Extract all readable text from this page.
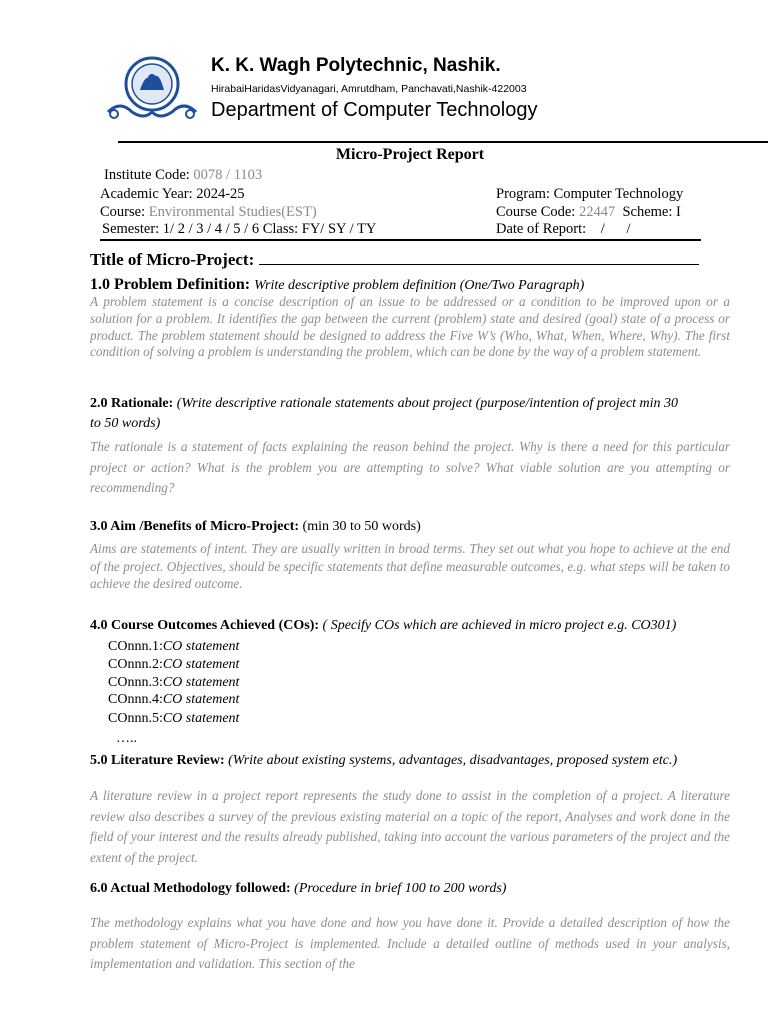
K. K. Wagh Polytechnic, Nashik.
HirabaiHaridasVidyanagari, Amrutdham, Panchavati,Nashik-422003
Department of Computer Technology
Micro-Project Report
Institute Code: 0078 / 1103
Academic Year: 2024-25
Course: Environmental Studies(EST)
Semester: 1/ 2 / 3 / 4 / 5 / 6 Class: FY/ SY / TY
Program: Computer Technology
Course Code: 22447  Scheme: I
Date of Report:    /      /
Title of Micro-Project:
1.0 Problem Definition: Write descriptive problem definition (One/Two Paragraph)
A problem statement is a concise description of an issue to be addressed or a condition to be improved upon or a solution for a problem. It identifies the gap between the current (problem) state and desired (goal) state of a process or product. The problem statement should be designed to address the Five W’s (Who, What, When, Where, Why). The first condition of solving a problem is understanding the problem, which can be done by the way of a problem statement.
2.0 Rationale: (Write descriptive rationale statements about project (purpose/intention of project min 30
to 50 words)
The rationale is a statement of facts explaining the reason behind the project. Why is there a need for this particular project or action? What is the problem you are attempting to solve? What viable solution are you attempting or recommending?
3.0 Aim /Benefits of Micro-Project: (min 30 to 50 words)
Aims are statements of intent. They are usually written in broad terms. They set out what you hope to achieve at the end of the project. Objectives, should be specific statements that define measurable outcomes, e.g. what steps will be taken to achieve the desired outcome.
4.0 Course Outcomes Achieved (COs): ( Specify COs which are achieved in micro project e.g. CO301)
COnnn.1:CO statement
COnnn.2:CO statement
COnnn.3:CO statement
COnnn.4:CO statement
COnnn.5:CO statement
…..
5.0 Literature Review: (Write about existing systems, advantages, disadvantages, proposed system etc.)
A literature review in a project report represents the study done to assist in the completion of a project. A literature review also describes a survey of the previous existing material on a topic of the report, Analyses and work done in the field of your interest and the results already published, taking into account the various parameters of the project and the extent of the project.
6.0 Actual Methodology followed: (Procedure in brief 100 to 200 words)
The methodology explains what you have done and how you have done it. Provide a detailed description of how the problem statement of Micro-Project is implemented. Include a detailed outline of methods used in your analysis, implementation and validation. This section of the
